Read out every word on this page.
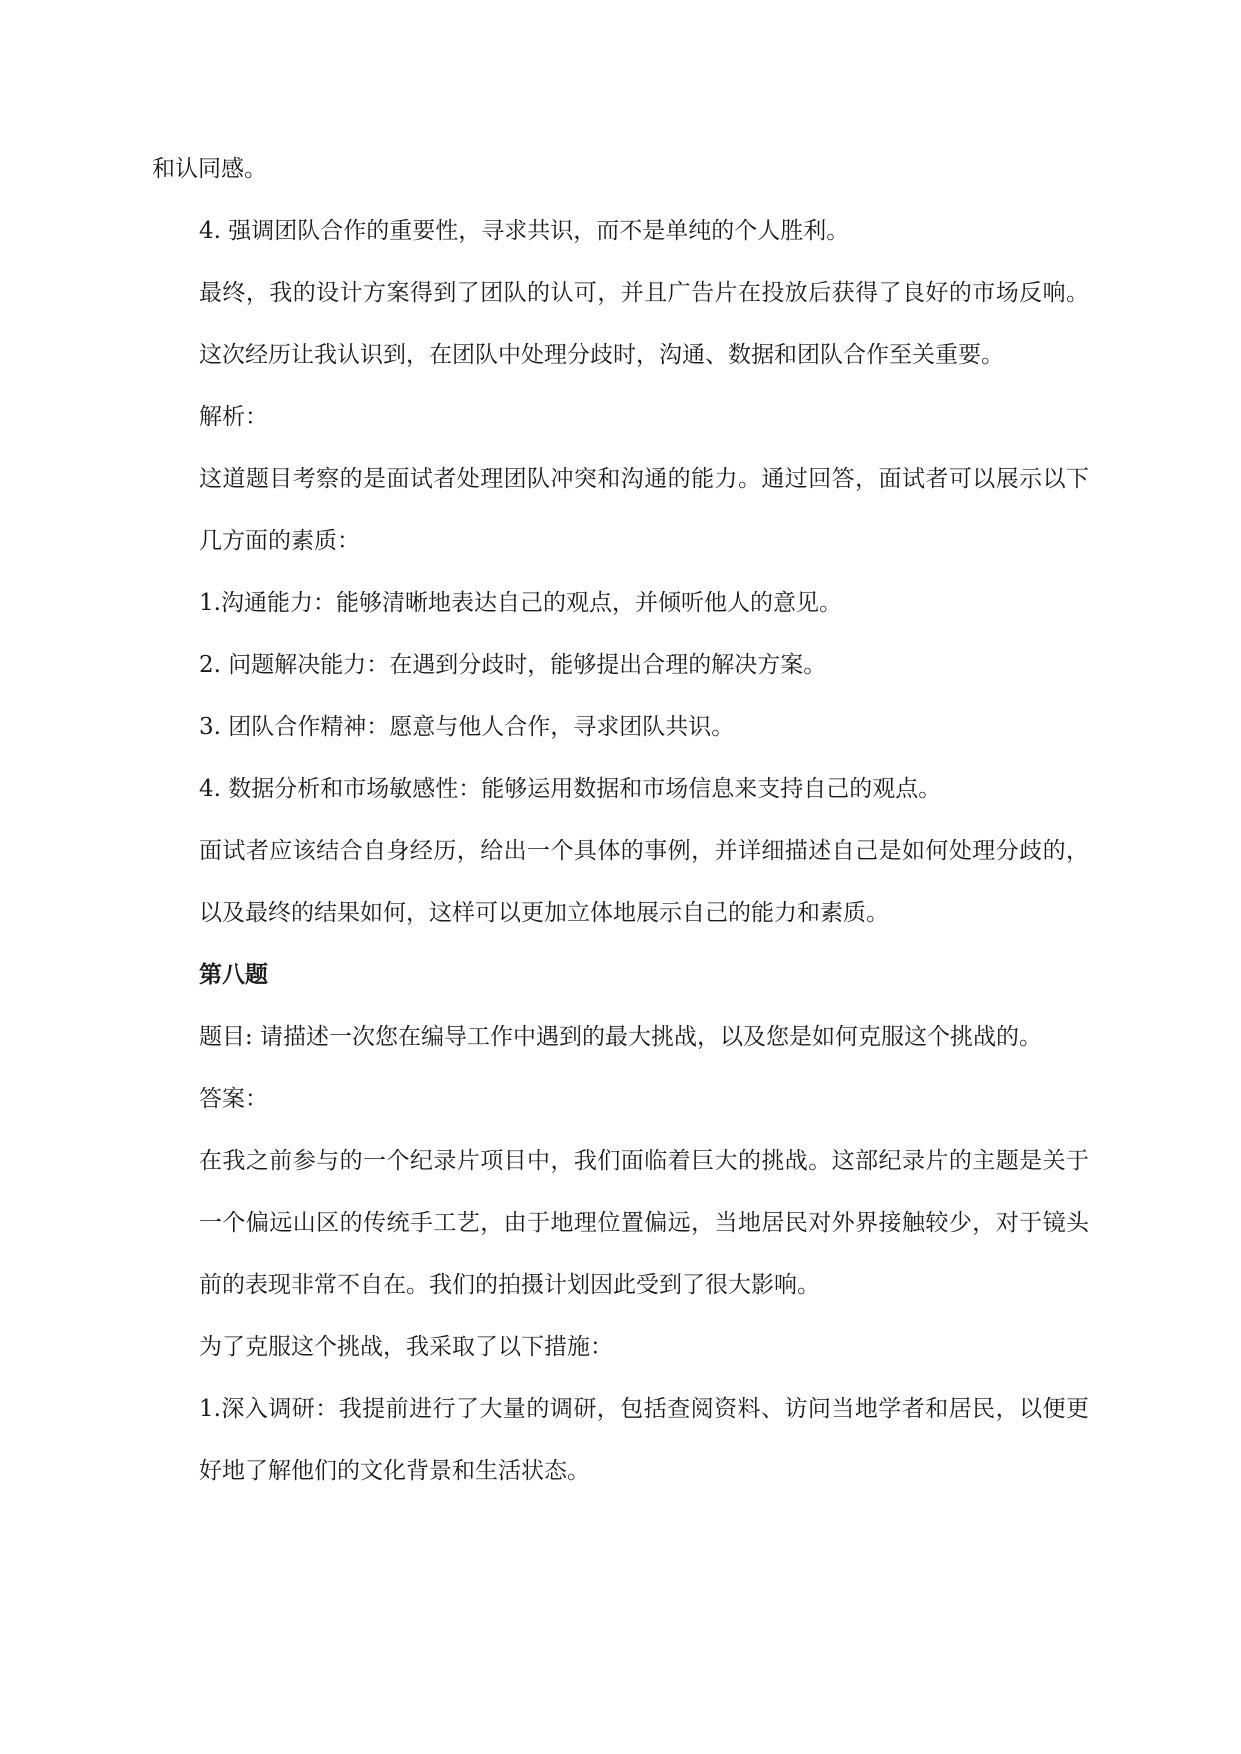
和认同感。

4. 强调团队合作的重要性，寻求共识，而不是单纯的个人胜利。

最终，我的设计方案得到了团队的认可，并且广告片在投放后获得了良好的市场反响。这次经历让我认识到，在团队中处理分歧时，沟通、数据和团队合作至关重要。

解析：

这道题目考察的是面试者处理团队冲突和沟通的能力。通过回答，面试者可以展示以下几方面的素质：

1.沟通能力：能够清晰地表达自己的观点，并倾听他人的意见。

2. 问题解决能力：在遇到分歧时，能够提出合理的解决方案。

3. 团队合作精神：愿意与他人合作，寻求团队共识。

4. 数据分析和市场敏感性：能够运用数据和市场信息来支持自己的观点。

面试者应该结合自身经历，给出一个具体的事例，并详细描述自己是如何处理分歧的，以及最终的结果如何，这样可以更加立体地展示自己的能力和素质。

第八题

题目: 请描述一次您在编导工作中遇到的最大挑战，以及您是如何克服这个挑战的。

答案：

在我之前参与的一个纪录片项目中，我们面临着巨大的挑战。这部纪录片的主题是关于一个偏远山区的传统手工艺，由于地理位置偏远，当地居民对外界接触较少，对于镜头前的表现非常不自在。我们的拍摄计划因此受到了很大影响。

为了克服这个挑战，我采取了以下措施：

1.深入调研：我提前进行了大量的调研，包括查阅资料、访问当地学者和居民，以便更好地了解他们的文化背景和生活状态。
